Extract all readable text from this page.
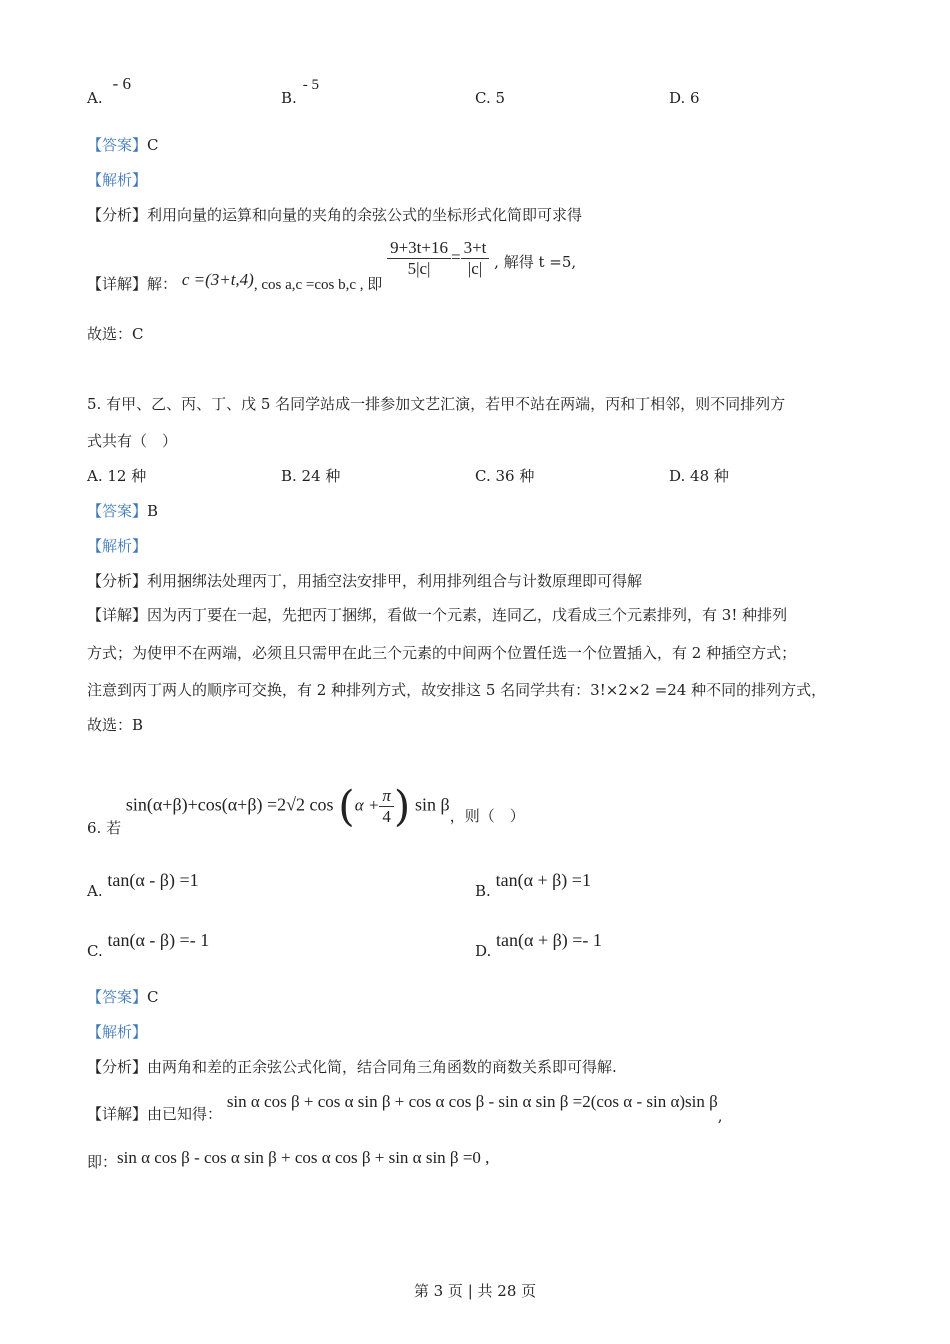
A.- 6
B.- 5
C. 5	D. 6
【答案】C
【解析】
【分析】利用向量的运算和向量的夹角的余弦公式的坐标形式化简即可求得
【详解】解： c =(3+t,4), cos a,c =cos b,c , 即
$\frac{9+3t+16}{5|c|} = \frac{3+t}{|c|}$ , 解得 t =5,
故选：C
5. 有甲、乙、丙、丁、戊 5 名同学站成一排参加文艺汇演，若甲不站在两端，丙和丁相邻，则不同排列方
式共有（　）
A. 12 种	B. 24 种	C. 36 种	D. 48 种
【答案】B
【解析】
【分析】利用捆绑法处理丙丁，用插空法安排甲，利用排列组合与计数原理即可得解
【详解】因为丙丁要在一起，先把丙丁捆绑，看做一个元素，连同乙，戊看成三个元素排列，有 3! 种排列
方式；为使甲不在两端，必须且只需甲在此三个元素的中间两个位置任选一个位置插入，有 2 种插空方式；
注意到丙丁两人的顺序可交换，有 2 种排列方式，故安排这 5 名同学共有：3!×2×2 =24 种不同的排列方式，
故选：B
6. 若 sin(α+β)+cos(α+β) =2√2 $\cos (\alpha + \frac{\pi}{4}$ ) sin β，则（　）
A. tan(α - β) =1
B. tan(α + β) =1
C. tan(α - β) =- 1
D. tan(α + β) =- 1
【答案】C
【解析】
【分析】由两角和差的正余弦公式化简，结合同角三角函数的商数关系即可得解.
【详解】由已知得： sin α cos β + cos α sin β + cos α cos β - sin α sin β =2(cos α - sin α)sin β,
即：sin α cos β - cos α sin β + cos α cos β + sin α sin β =0 ,
第 3 页 | 共 28 页
